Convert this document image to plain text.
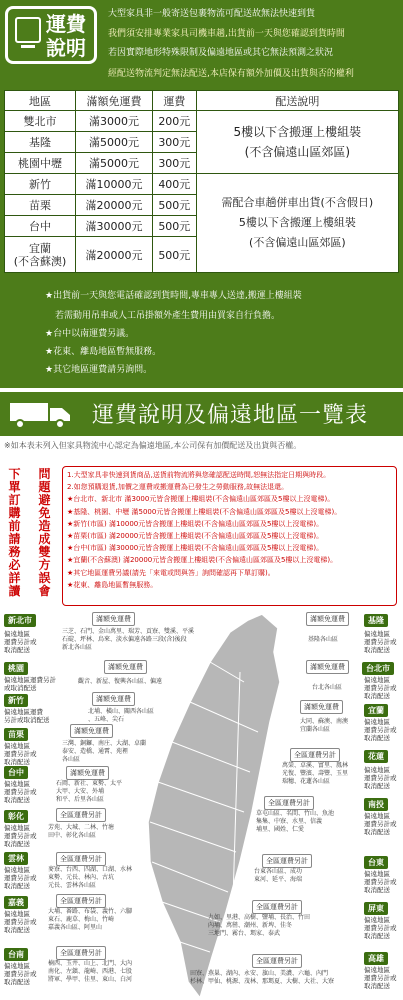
運費說明
大型家具非一般寄送包裹物流可配送故無法快速到貨
我們須安排專業家具司機車趟,出貨前一天與您確認到貨時間
若因實際地形特殊限制及偏遠地區或其它無法預測之狀況
經配送物流判定無法配送,本店保有額外加價及出貨與否的權利
地區	滿額免運費	運費	配送說明
雙北市	滿3000元	200元	5樓以下含搬運上樓組裝
(不含偏遠山區郊區)

基隆	滿5000元	300元	
桃園中壢	滿5000元	300元	
新竹	滿10000元	400元	需配合車趟併車出貨(不含假日)
5樓以下含搬運上樓組裝
(不含偏遠山區郊區)

苗栗	滿20000元	500元	
台中	滿30000元	500元	
宜蘭
(不含蘇澳)	滿20000元	500元	
★出貨前一天與您電話確認到貨時間,專車專人送達,搬運上樓組裝
若需動用吊車或人工吊掛額外產生費用由買家自行負擔。
★台中以南運費另議。
★花東、離島地區暫無服務。
★其它地區運費請另詢問。
運費說明及偏遠地區一覽表
※如本表未列入但家具物流中心認定為偏遠地區,本公司保有加價配送及出貨與否權。
下單訂購前請務必詳讀
問題避免造成雙方誤會
1.大型家具非快速到貨商品,送貨前物流將與您確認配送時間,恕無法指定日期與時段。
2.如您預購退貨,加價之運費或搬運費為已發生之勞動服務,故無法退還。
★台北市、新北市 滿3000元皆含搬運上樓組裝(不含偏遠山區郊區及5樓以上沒電梯)。
★基隆、桃園、中壢 滿5000元皆含搬運上樓組裝(不含偏遠山區郊區及5樓以上沒電梯)。
★新竹(市區) 滿10000元皆含搬運上樓組裝(不含偏遠山區郊區及5樓以上沒電梯)。
★苗栗(市區) 滿20000元皆含搬運上樓組裝(不含偏遠山區郊區及5樓以上沒電梯)。
★台中(市區) 滿30000元皆含搬運上樓組裝(不含偏遠山區郊區及5樓以上沒電梯)。
★宜蘭(不含蘇澳) 滿20000元皆含搬運上樓組裝(不含偏遠山區郊區及5樓以上沒電梯)。
★其它地區運費另議(請先「來電或問與答」詢問確認再下單訂購)。
★花東、離島地區暫無服務。
新北市	滿額免運費
偏遠地區
運費另計或
取消配送
三芝、石門、金山萬里、瑞芳、貢寮、雙溪、平溪
石碇、坪林、烏來、淡水偏遠各路三段(含)後段
新北各山區
桃園	滿額免運費
偏遠地區運費另計
或取消配送
觀音、新屋、復興各山區、偏遠
新竹	滿額免運費
偏遠地區運費
另計或取消配送
北埔、橫山、關西各山區
、五峰、尖石
苗栗	滿額免運費
偏遠地區
運費另計或
取消配送
三灣、銅鑼、南庄、大湖、卓蘭
泰安、造橋、通霄、苑裡
各山區
台中	滿額免運費
偏遠地區
運費另計或
取消配送
石岡、新社、東勢、太平
大甲、大安、外埔
和平、后里各山區
彰化	全區運費另計
偏遠地區
運費另計或
取消配送
芳苑、大城、二林、竹塘
田中、彰化各山區
雲林	全區運費另計
偏遠地區
運費另計或
取消配送
麥寮、台西、四湖、口湖、水林
東勢、元長、林內、古坑
元長、雲林各山區
嘉義	全區運費另計
偏遠地區
運費另計或
取消配送
大埔、番路、布袋、義竹、六腳
東石、鹿草、梅山、竹崎
嘉義各山區、阿里山
台南	全區運費另計
偏遠地區
運費另計或
取消配送
楠西、玉井、山上、北門、大內
南化、左鎮、龍崎、西港、七股
將軍、學甲、佳里、東山、白河
基隆
滿額免運費
偏遠地區
運費另計或
取消配送
基隆各山區
台北市
滿額免運費
偏遠地區
運費另計或
取消配送
台北各山區
宜蘭
滿額免運費
偏遠地區
運費另計或
取消配送
大同、蘇澳、南澳
宜蘭各山區
花蓮
全區運費另計
偏遠地區
運費另計或
取消配送
萬榮、卓溪、富里、鳳林
光復、豐濱、壽豐、玉里
瑞穗、花蓮各山區
南投
全區運費另計
偏遠地區
運費另計或
取消配送
草屯山區、名間、竹山、魚池
集集、中寮、水里、信義
埔里、國姓、仁愛
台東
全區運費另計
偏遠地區
運費另計或
取消配送
台東各山區、成功
東河、延平、海端
屏東
全區運費另計
偏遠地區
運費另計或
取消配送
九如、里港、高樹、鹽埔、長治、竹田
內埔、萬巒、潮州、新埤、佳冬
三地門、霧台、瑪家、泰武
高雄
全區運費另計
偏遠地區
運費另計或
取消配送
田寮、燕巢、湖內、永安、旗山、美濃、六龜、內門
杉林、甲仙、桃源、茂林、那瑪夏、大樹、大社、大寮
